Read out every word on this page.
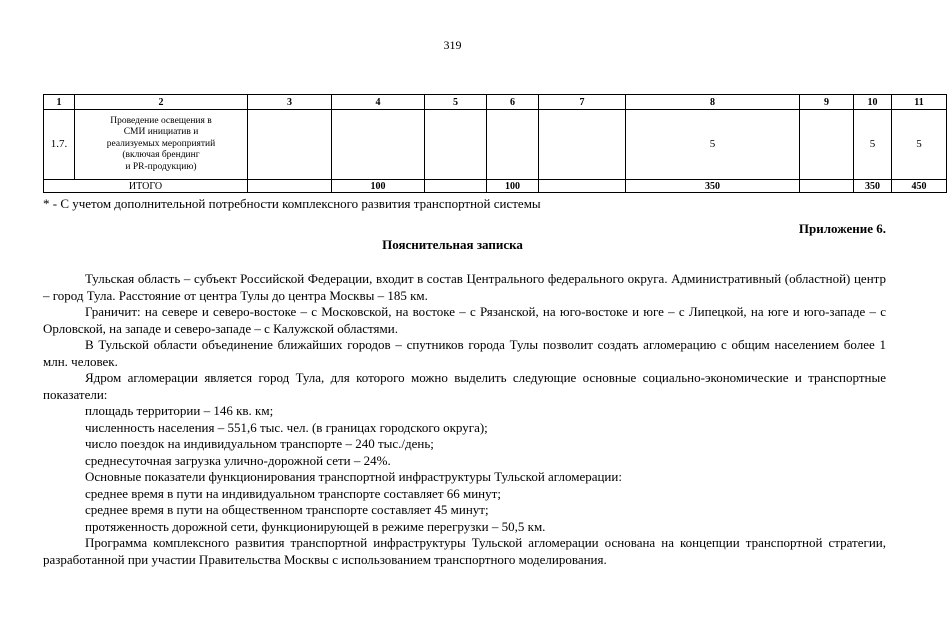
319
1	2	3	4	5	6	7	8	9	10	11
1.7.	Проведение освещения в
СМИ инициатив и
реализуемых мероприятий
(включая брендинг
и PR-продукцию)						5		5	5
ИТОГО			100		100		350		350	450
* - С учетом дополнительной потребности комплексного развития транспортной системы
Приложение 6.
Пояснительная записка

Тульская область – субъект Российской Федерации, входит в состав Центрального федерального округа. Административный (областной) центр – город Тула. Расстояние от центра Тулы до центра Москвы – 185 км.

Граничит: на севере и северо-востоке – с Московской, на востоке – с Рязанской, на юго-востоке и юге – с Липецкой, на юге и юго-западе – с Орловской, на западе и северо-западе – с Калужской областями.

В Тульской области объединение ближайших городов – спутников города Тулы позволит создать агломерацию с общим населением более 1 млн. человек.

Ядром агломерации является город Тула, для которого можно выделить следующие основные социально-экономические и транспортные показатели:

площадь территории – 146 кв. км;

численность населения – 551,6 тыс. чел. (в границах городского округа);

число поездок на индивидуальном транспорте – 240 тыс./день;

среднесуточная загрузка улично-дорожной сети – 24%.

Основные показатели функционирования транспортной инфраструктуры Тульской агломерации:

среднее время в пути на индивидуальном транспорте составляет 66 минут;

среднее время в пути на общественном транспорте составляет 45 минут;

протяженность дорожной сети, функционирующей в режиме перегрузки – 50,5 км.

Программа комплексного развития транспортной инфраструктуры Тульской агломерации основана на концепции транспортной стратегии, разработанной при участии Правительства Москвы с использованием транспортного моделирования.
